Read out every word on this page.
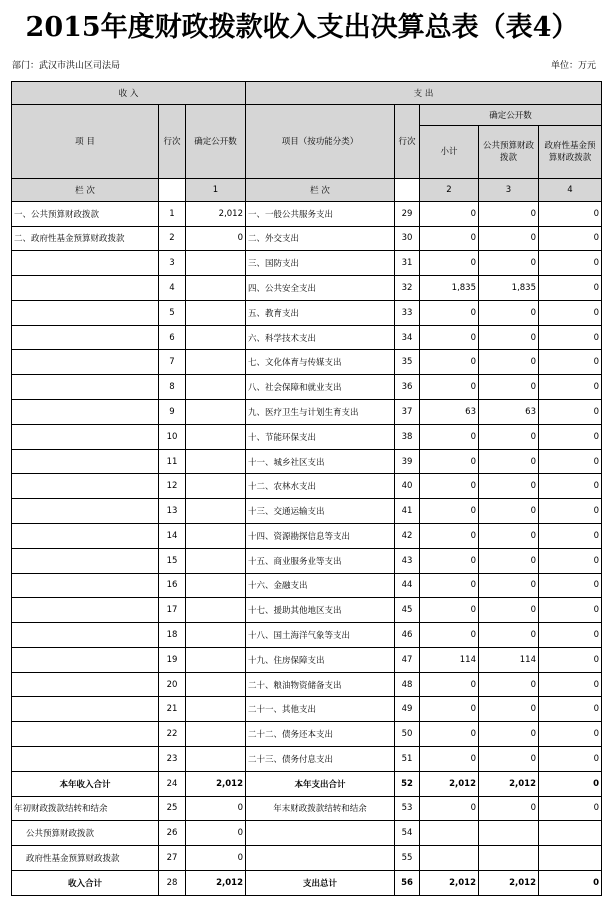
2015年度财政拨款收入支出决算总表（表4）
部门：武汉市洪山区司法局	单位：万元
收 入			支 出				
项 目	行次	确定公开数	项目（按功能分类）	行次	确定公开数		
					小计	公共预算财政拨款	政府性基金预算财政拨款
栏 次		1	栏 次		2	3	4
一、公共预算财政拨款	1	2,012	一、一般公共服务支出	29	0	0	0
二、政府性基金预算财政拨款	2	0	二、外交支出	30	0	0	0
	3		三、国防支出	31	0	0	0
	4		四、公共安全支出	32	1,835	1,835	0
	5		五、教育支出	33	0	0	0
	6		六、科学技术支出	34	0	0	0
	7		七、文化体育与传媒支出	35	0	0	0
	8		八、社会保障和就业支出	36	0	0	0
	9		九、医疗卫生与计划生育支出	37	63	63	0
	10		十、节能环保支出	38	0	0	0
	11		十一、城乡社区支出	39	0	0	0
	12		十二、农林水支出	40	0	0	0
	13		十三、交通运输支出	41	0	0	0
	14		十四、资源勘探信息等支出	42	0	0	0
	15		十五、商业服务业等支出	43	0	0	0
	16		十六、金融支出	44	0	0	0
	17		十七、援助其他地区支出	45	0	0	0
	18		十八、国土海洋气象等支出	46	0	0	0
	19		十九、住房保障支出	47	114	114	0
	20		二十、粮油物资储备支出	48	0	0	0
	21		二十一、其他支出	49	0	0	0
	22		二十二、债务还本支出	50	0	0	0
	23		二十三、债务付息支出	51	0	0	0
本年收入合计	24	2,012	本年支出合计	52	2,012	2,012	0
年初财政拨款结转和结余	25	0	年末财政拨款结转和结余	53	0	0	0
公共预算财政拨款	26	0		54			
政府性基金预算财政拨款	27	0		55			
收入合计	28	2,012	支出总计	56	2,012	2,012	0
